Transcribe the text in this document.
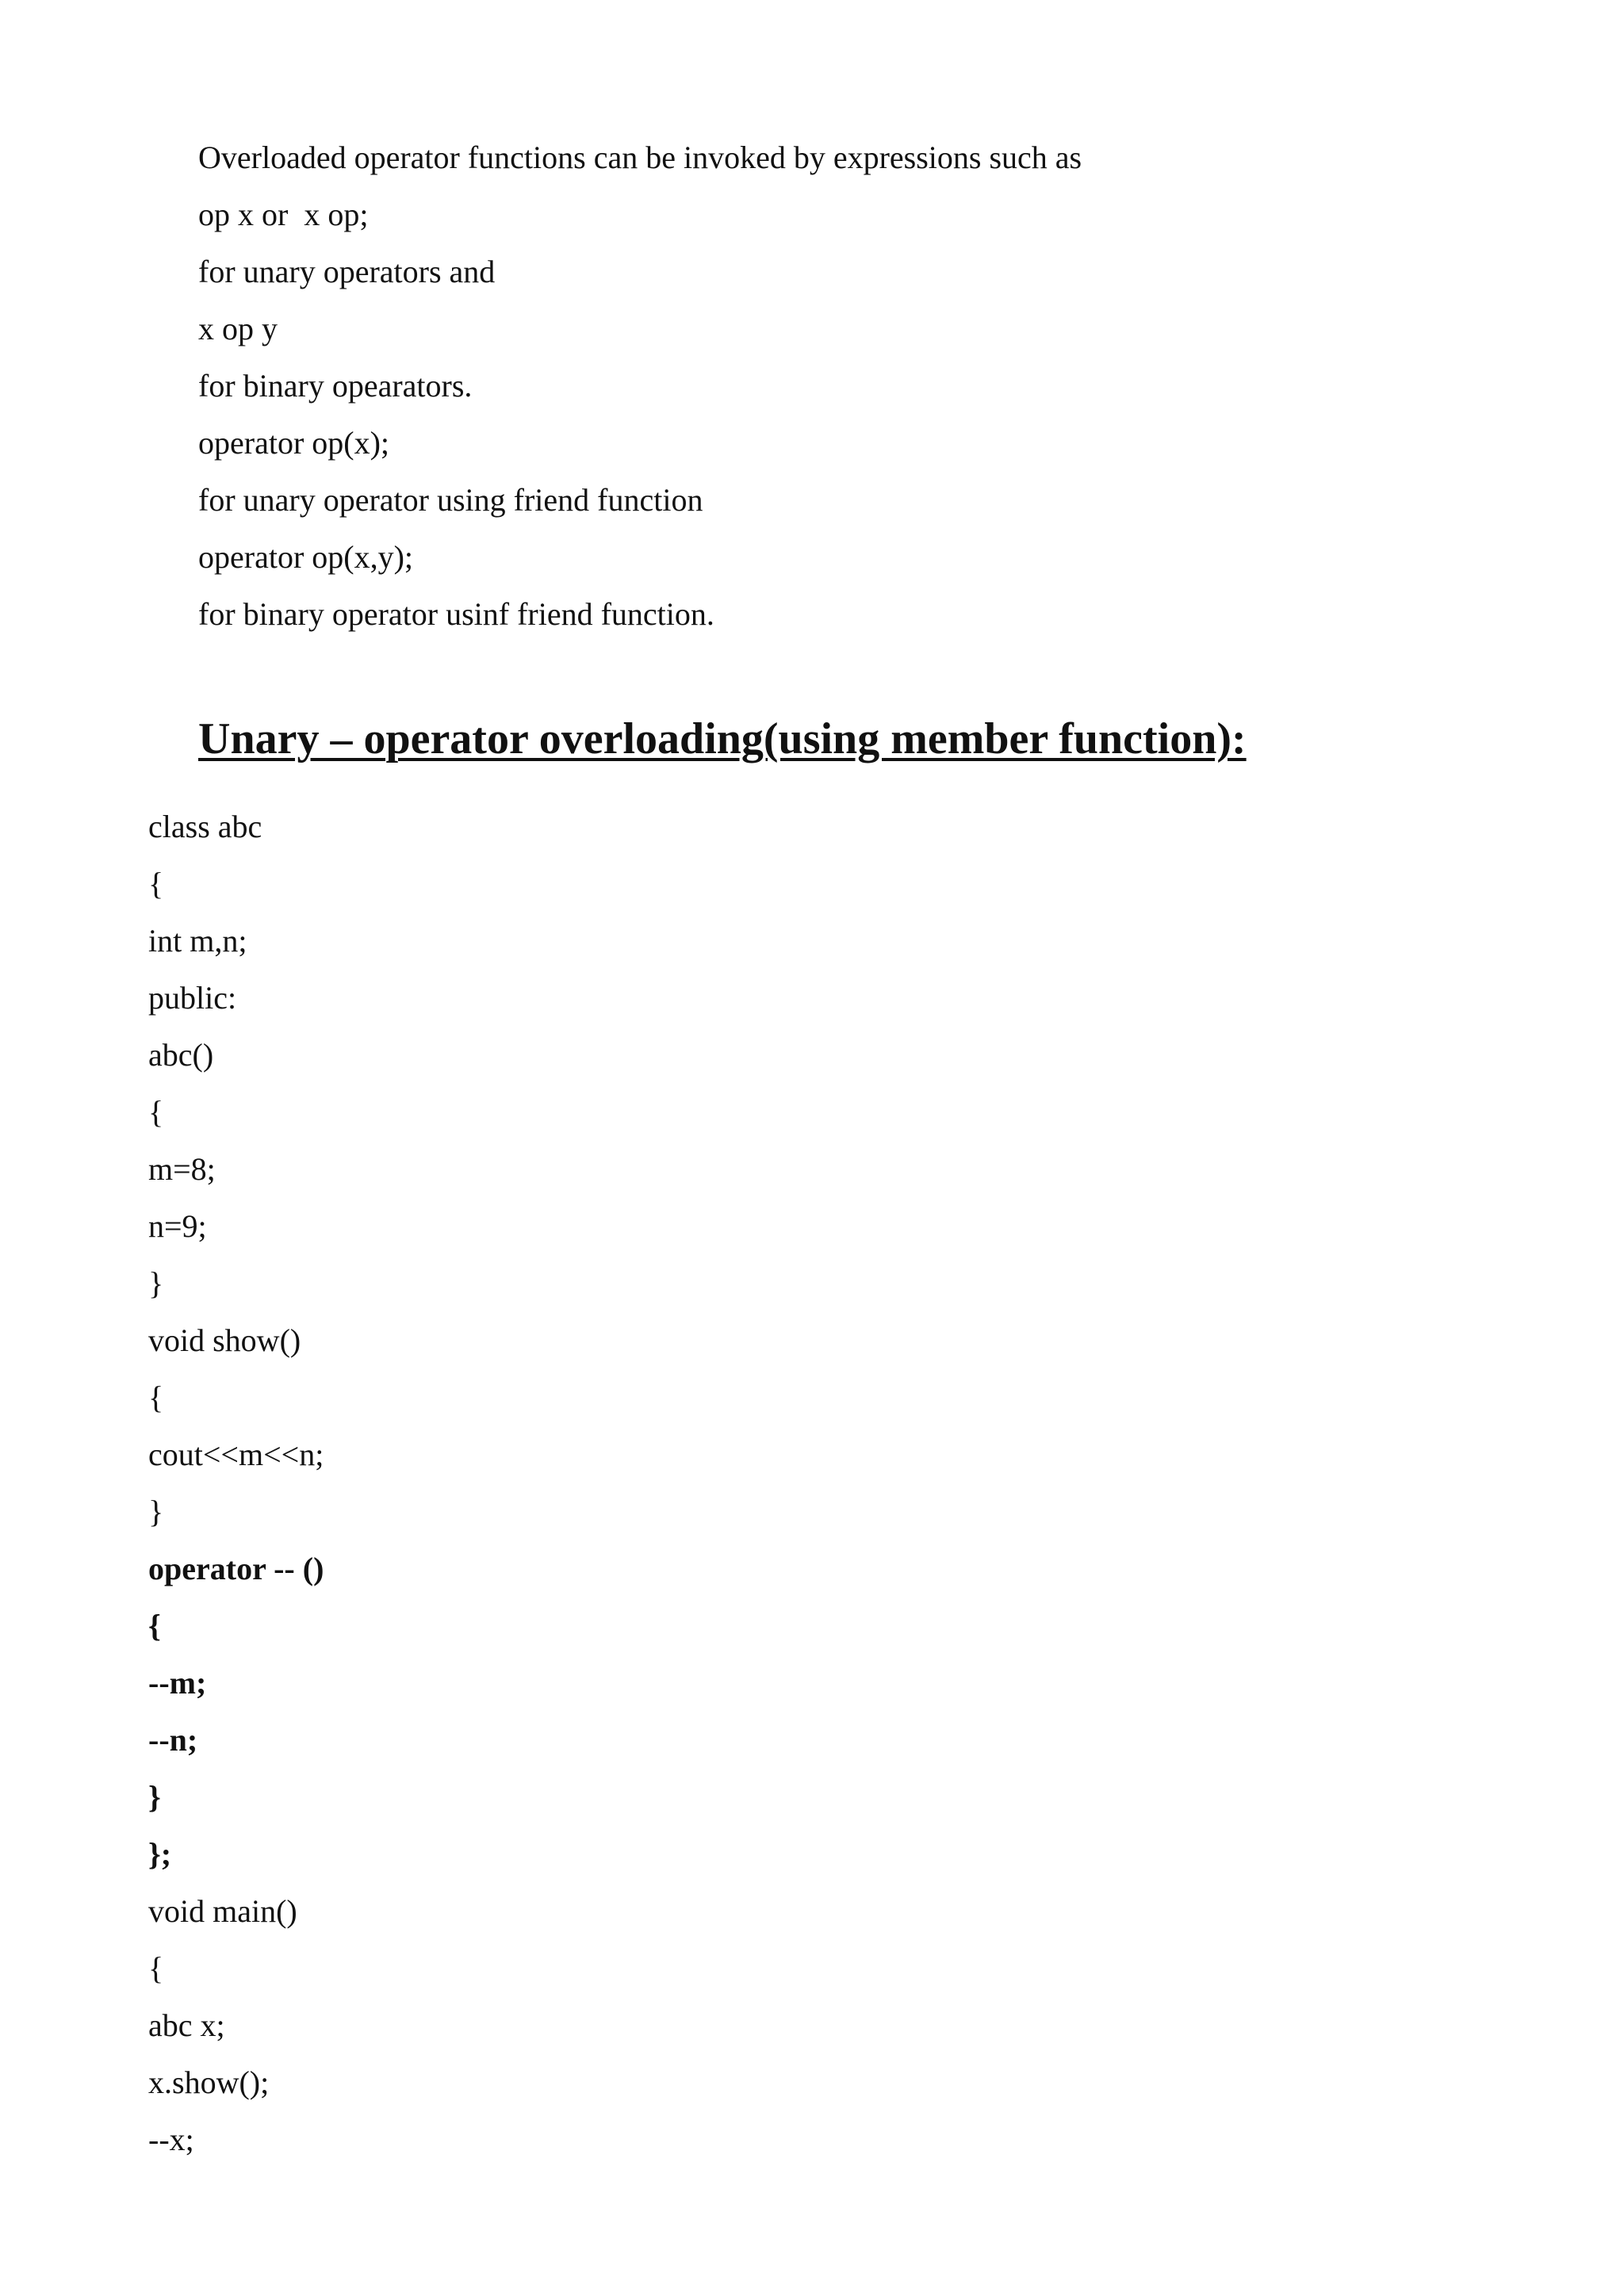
Overloaded operator functions can be invoked by expressions such as
op x or  x op;
for unary operators and
x op y
for binary opearators.
operator op(x);
for unary operator using friend function
operator op(x,y);
for binary operator usinf friend function.
Unary – operator overloading(using member function):
class abc
{
int m,n;
public:
abc()
{
m=8;
n=9;
}
void show()
{
cout<<m<<n;
}
operator -- ()
{
--m;
--n;
}
};
void main()
{
abc x;
x.show();
--x;
